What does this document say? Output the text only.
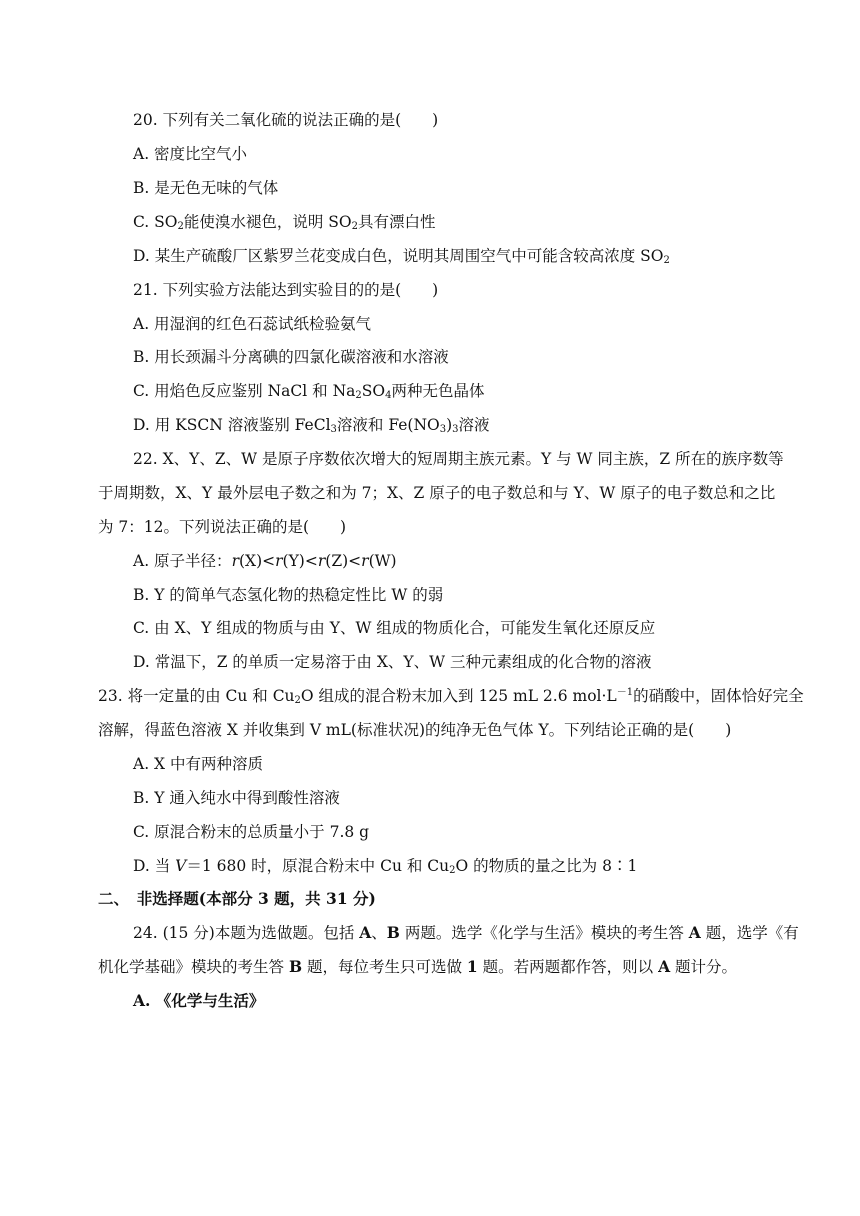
20. 下列有关二氧化硫的说法正确的是(　　)
A. 密度比空气小
B. 是无色无味的气体
C. $SO_2$能使溴水褪色，说明 $SO_2$具有漂白性
D. 某生产硫酸厂区紫罗兰花变成白色，说明其周围空气中可能含较高浓度 $SO_2$
21. 下列实验方法能达到实验目的的是(　　)
A. 用湿润的红色石蕊试纸检验氨气
B. 用长颈漏斗分离碘的四氯化碳溶液和水溶液
C. 用焰色反应鉴别 NaCl 和 $Na_2SO_4$两种无色晶体
D. 用 KSCN 溶液鉴别 FeCl$_3$溶液和 $Fe(NO_3)_3$溶液
22. X、Y、Z、W 是原子序数依次增大的短周期主族元素。Y 与 W 同主族，Z 所在的族序数等
于周期数，X、Y 最外层电子数之和为 7；X、Z 原子的电子数总和与 Y、W 原子的电子数总和之比
为 7：12。下列说法正确的是(　　)
A. 原子半径：r(X)<r(Y)<r(Z)<r(W)
B. Y 的简单气态氢化物的热稳定性比 W 的弱
C. 由 X、Y 组成的物质与由 Y、W 组成的物质化合，可能发生氧化还原反应
D. 常温下，Z 的单质一定易溶于由 X、Y、W 三种元素组成的化合物的溶液
23. 将一定量的由 Cu 和 $Cu_2O$ 组成的混合粉末加入到 125 mL 2.6 $mol\cdot L^{-1}$的硝酸中，固体恰好完全
溶解，得蓝色溶液 X 并收集到 V mL(标准状况)的纯净无色气体 Y。下列结论正确的是(　　)
A. X 中有两种溶质
B. Y 通入纯水中得到酸性溶液
C. 原混合粉末的总质量小于 7.8 g
D. 当 V＝1 680 时，原混合粉末中 Cu 和 $Cu_2O$ 的物质的量之比为 8∶1
二、　非选择题(本部分 3 题，共 31 分)
24. (15 分)本题为选做题。包括 A、B 两题。选学《化学与生活》模块的考生答 A 题，选学《有
机化学基础》模块的考生答 B 题，每位考生只可选做 1 题。若两题都作答，则以 A 题计分。
A. 《化学与生活》
